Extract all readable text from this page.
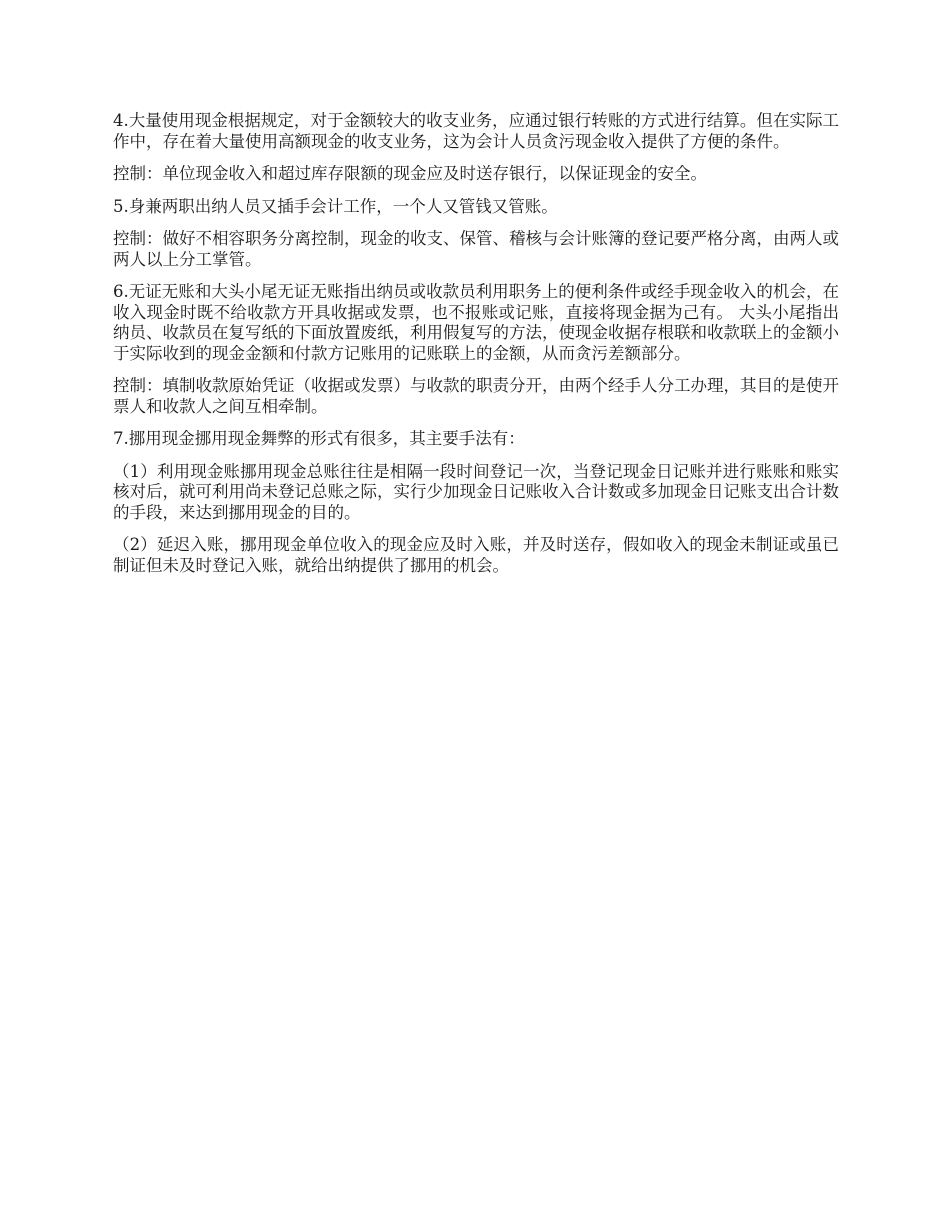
4.大量使用现金根据规定，对于金额较大的收支业务，应通过银行转账的方式进行结算。但在实际工作中，存在着大量使用高额现金的收支业务，这为会计人员贪污现金收入提供了方便的条件。

控制：单位现金收入和超过库存限额的现金应及时送存银行，以保证现金的安全。

5.身兼两职出纳人员又插手会计工作，一个人又管钱又管账。

控制：做好不相容职务分离控制，现金的收支、保管、稽核与会计账簿的登记要严格分离，由两人或两人以上分工掌管。

6.无证无账和大头小尾无证无账指出纳员或收款员利用职务上的便利条件或经手现金收入的机会，在收入现金时既不给收款方开具收据或发票，也不报账或记账，直接将现金据为己有。 大头小尾指出纳员、收款员在复写纸的下面放置废纸，利用假复写的方法，使现金收据存根联和收款联上的金额小于实际收到的现金金额和付款方记账用的记账联上的金额，从而贪污差额部分。

控制：填制收款原始凭证（收据或发票）与收款的职责分开，由两个经手人分工办理，其目的是使开票人和收款人之间互相牵制。

7.挪用现金挪用现金舞弊的形式有很多，其主要手法有：

（1）利用现金账挪用现金总账往往是相隔一段时间登记一次，当登记现金日记账并进行账账和账实核对后，就可利用尚未登记总账之际，实行少加现金日记账收入合计数或多加现金日记账支出合计数的手段，来达到挪用现金的目的。

（2）延迟入账，挪用现金单位收入的现金应及时入账，并及时送存，假如收入的现金未制证或虽已制证但未及时登记入账，就给出纳提供了挪用的机会。
